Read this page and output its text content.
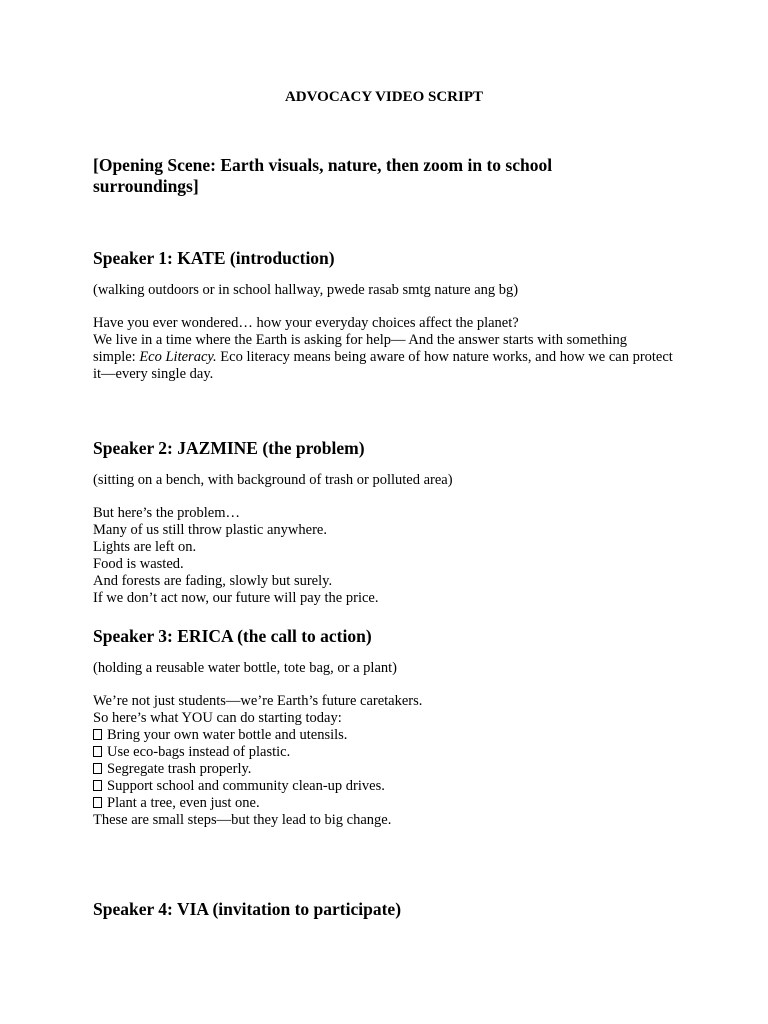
ADVOCACY VIDEO SCRIPT

[Opening Scene: Earth visuals, nature, then zoom in to school surroundings]

Speaker 1: KATE (introduction)

(walking outdoors or in school hallway, pwede rasab smtg nature ang bg)

Have you ever wondered… how your everyday choices affect the planet?
We live in a time where the Earth is asking for help— And the answer starts with something simple: Eco Literacy. Eco literacy means being aware of how nature works, and how we can protect it—every single day.

Speaker 2: JAZMINE (the problem)

(sitting on a bench, with background of trash or polluted area)

But here’s the problem…
Many of us still throw plastic anywhere.
Lights are left on.
Food is wasted.
And forests are fading, slowly but surely.
If we don’t act now, our future will pay the price.

Speaker 3: ERICA (the call to action)

(holding a reusable water bottle, tote bag, or a plant)

We’re not just students—we’re Earth’s future caretakers.
So here’s what YOU can do starting today:
Bring your own water bottle and utensils.
Use eco-bags instead of plastic.
Segregate trash properly.
Support school and community clean-up drives.
Plant a tree, even just one.
These are small steps—but they lead to big change.

Speaker 4: VIA (invitation to participate)
